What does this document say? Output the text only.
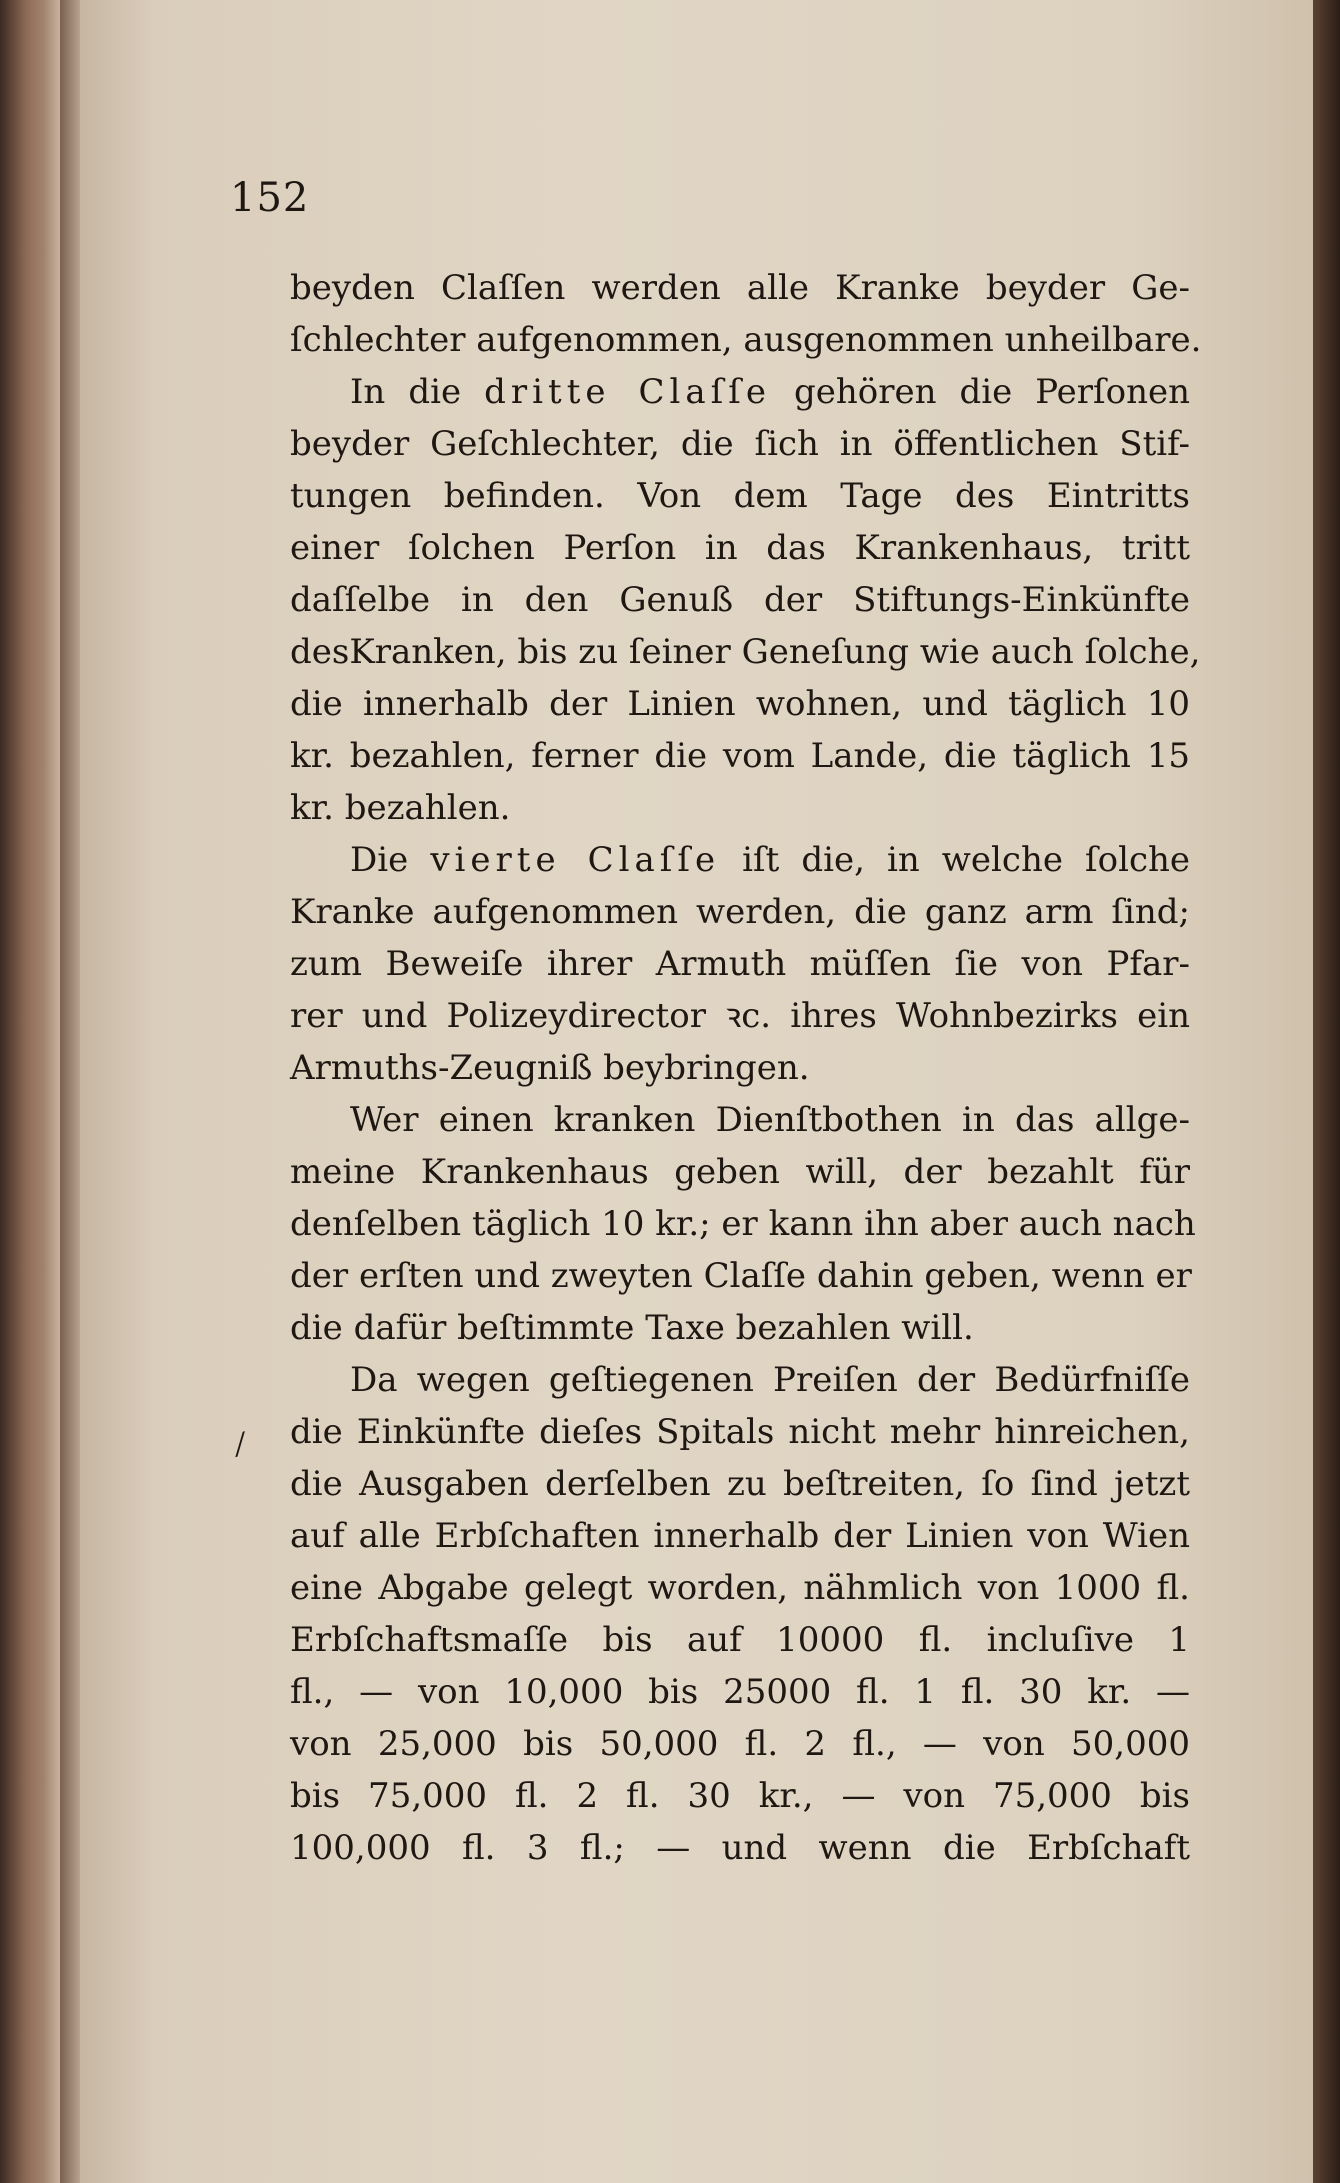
152
⁄
beyden Claſſen werden alle Kranke beyder Ge-
ſchlechter aufgenommen, ausgenommen unheilbare.
In die dritte Claſſe gehören die Perſonen
beyder Geſchlechter, die ſich in öffentlichen Stif-
tungen befinden. Von dem Tage des Eintritts
einer ſolchen Perſon in das Krankenhaus, tritt
daſſelbe in den Genuß der Stiftungs-Einkünfte
desKranken, bis zu ſeiner Geneſung wie auch ſolche,
die innerhalb der Linien wohnen, und täglich 10
kr. bezahlen, ferner die vom Lande, die täglich 15
kr. bezahlen.
Die vierte Claſſe iſt die, in welche ſolche
Kranke aufgenommen werden, die ganz arm ſind;
zum Beweiſe ihrer Armuth müſſen ſie von Pfar-
rer und Polizeydirector ꝛc. ihres Wohnbezirks ein
Armuths-Zeugniß beybringen.
Wer einen kranken Dienſtbothen in das allge-
meine Krankenhaus geben will, der bezahlt für
denſelben täglich 10 kr.; er kann ihn aber auch nach
der erſten und zweyten Claſſe dahin geben, wenn er
die dafür beſtimmte Taxe bezahlen will.
Da wegen geſtiegenen Preiſen der Bedürfniſſe
die Einkünfte dieſes Spitals nicht mehr hinreichen,
die Ausgaben derſelben zu beſtreiten, ſo ſind jetzt
auf alle Erbſchaften innerhalb der Linien von Wien
eine Abgabe gelegt worden, nähmlich von 1000 fl.
Erbſchaftsmaſſe bis auf 10000 fl. incluſive 1
fl., — von 10,000 bis 25000 fl. 1 fl. 30 kr. —
von 25,000 bis 50,000 fl. 2 fl., — von 50,000
bis 75,000 fl. 2 fl. 30 kr., — von 75,000 bis
100,000 fl. 3 fl.; — und wenn die Erbſchaft
